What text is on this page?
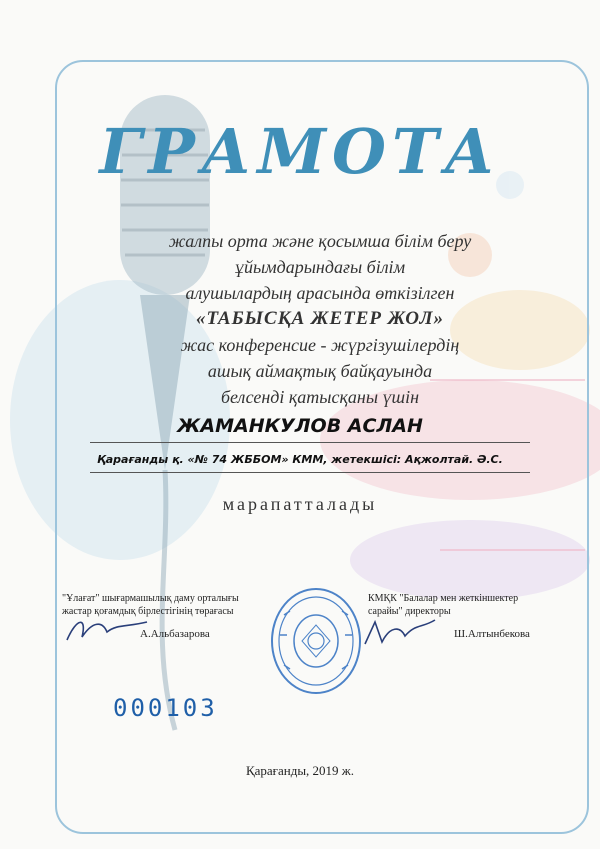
ГРАМОТА
жалпы орта және қосымша білім беру
ұйымдарындағы білім
алушылардың арасында өткізілген
«ТАБЫСҚА ЖЕТЕР ЖОЛ»
жас конференсие - жүргізушілердің
ашық аймақтық байқауында
белсенді қатысқаны үшін
ЖАМАНКУЛОВ АСЛАН
Қарағанды қ. «№ 74 ЖББОМ» КММ, жетекшісі: Ақжолтай. Ә.С.
марапатталады
"Ұлағат" шығармашылық даму орталығы
жастар қоғамдық бірлестігінің төрағасы
А.Альбазарова
КМҚК "Балалар мен жеткіншектер
сарайы" директоры
Ш.Алтынбекова
000103
Қарағанды, 2019 ж.
